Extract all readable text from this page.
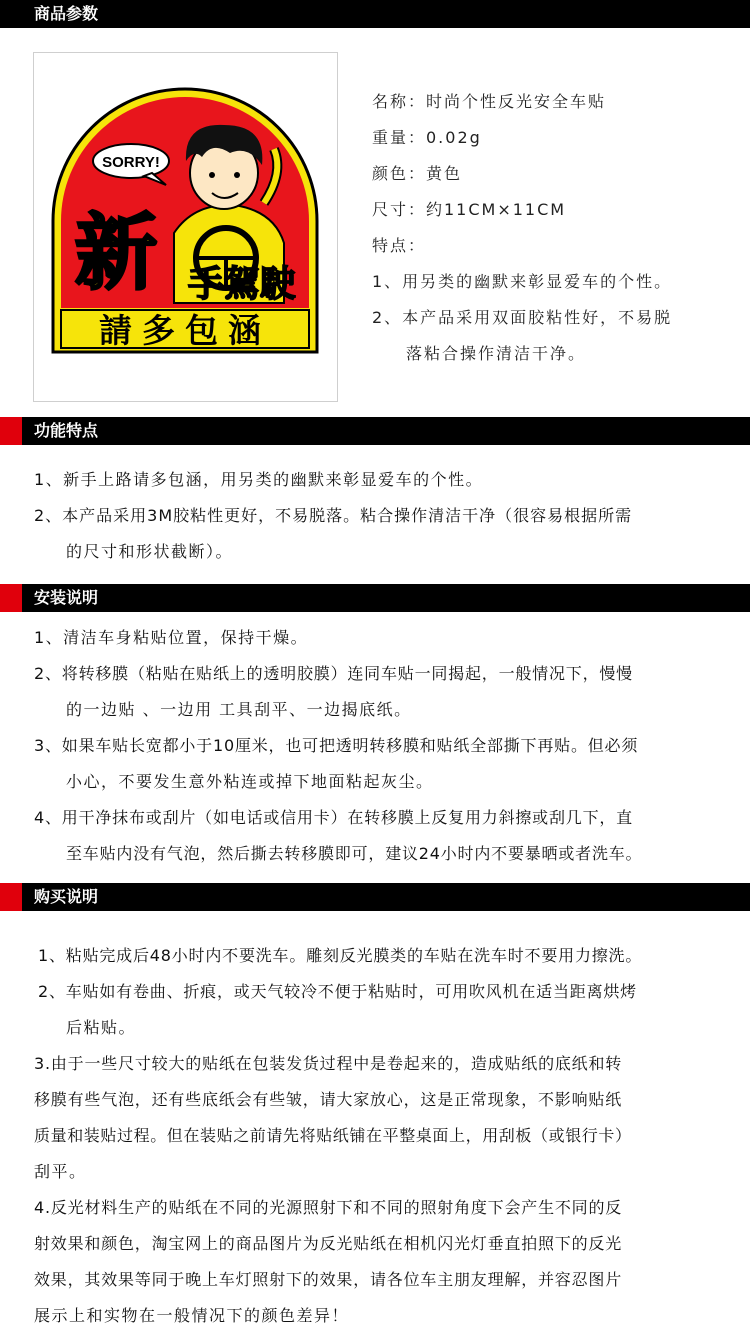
商品参数
SORRY!
新 手駕駛
請多包涵
名称：时尚个性反光安全车贴
重量：0.02g
颜色：黄色
尺寸：约11CM×11CM
特点：
1、用另类的幽默来彰显爱车的个性。
2、本产品采用双面胶粘性好，不易脱
落粘合操作清洁干净。
功能特点
1、新手上路请多包涵，用另类的幽默来彰显爱车的个性。
2、本产品采用3M胶粘性更好，不易脱落。粘合操作清洁干净（很容易根据所需
的尺寸和形状截断）。
安装说明
1、清洁车身粘贴位置，保持干燥。
2、将转移膜（粘贴在贴纸上的透明胶膜）连同车贴一同揭起，一般情况下，慢慢
的一边贴 、一边用 工具刮平、一边揭底纸。
3、如果车贴长宽都小于10厘米，也可把透明转移膜和贴纸全部撕下再贴。但必须
小心，不要发生意外粘连或掉下地面粘起灰尘。
4、用干净抹布或刮片（如电话或信用卡）在转移膜上反复用力斜擦或刮几下，直
至车贴内没有气泡，然后撕去转移膜即可，建议24小时内不要暴晒或者洗车。
购买说明
1、粘贴完成后48小时内不要洗车。雕刻反光膜类的车贴在洗车时不要用力擦洗。
2、车贴如有卷曲、折痕，或天气较冷不便于粘贴时，可用吹风机在适当距离烘烤
后粘贴。
3.由于一些尺寸较大的贴纸在包装发货过程中是卷起来的，造成贴纸的底纸和转
移膜有些气泡，还有些底纸会有些皱，请大家放心，这是正常现象，不影响贴纸
质量和装贴过程。但在装贴之前请先将贴纸铺在平整桌面上，用刮板（或银行卡）
刮平。
4.反光材料生产的贴纸在不同的光源照射下和不同的照射角度下会产生不同的反
射效果和颜色，淘宝网上的商品图片为反光贴纸在相机闪光灯垂直拍照下的反光
效果，其效果等同于晚上车灯照射下的效果，请各位车主朋友理解，并容忍图片
展示上和实物在一般情况下的颜色差异！
